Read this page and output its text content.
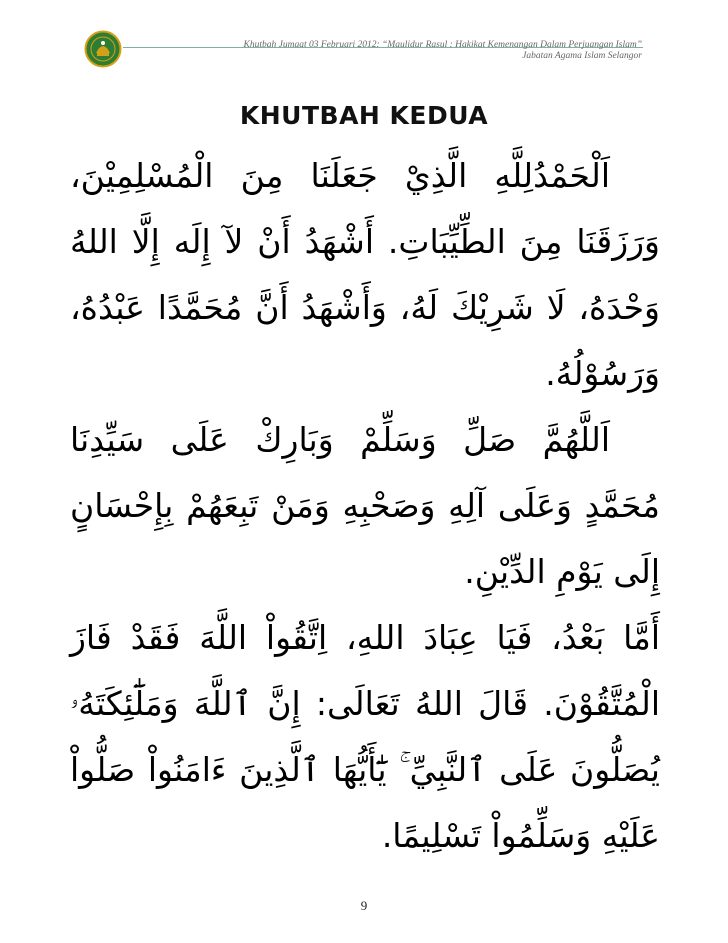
Khutbah Jumaat 03 Februari 2012: “Maulidur Rasul : Hakikat Kemenangan Dalam Perjuangan Islam”
Jabatan Agama Islam Selangor
KHUTBAH KEDUA

اَلْحَمْدُلِلَّهِ الَّذِيْ جَعَلَنَا مِنَ الْمُسْلِمِيْنَ، وَرَزَقَنَا مِنَ الطِّيِّبَاتِ. أَشْهَدُ أَنْ لآ إِلَه إِلَّا اللهُ وَحْدَهُ، لَا شَرِيْكَ لَهُ، وَأَشْهَدُ أَنَّ مُحَمَّدًا عَبْدُهُ، وَرَسُوْلُهُ.

اَللَّهُمَّ صَلِّ وَسَلِّمْ وَبَارِكْ عَلَى سَيِّدِنَا مُحَمَّدٍ وَعَلَى آلِهِ وَصَحْبِهِ وَمَنْ تَبِعَهُمْ بِإِحْسَانٍ إِلَى يَوْمِ الدِّيْنِ.

أَمَّا بَعْدُ، فَيَا عِبَادَ اللهِ، اِتَّقُواْ اللَّهَ فَقَدْ فَازَ الْمُتَّقُوْنَ. قَالَ اللهُ تَعَالَى: إِنَّ ٱللَّهَ وَمَلَٰٓئِكَتَهُۥ يُصَلُّونَ عَلَى ٱلنَّبِيِّ ۚ يَٰٓأَيُّهَا ٱلَّذِينَ ءَامَنُواْ صَلُّواْ عَلَيْهِ وَسَلِّمُواْ تَسْلِيمًا.

9
